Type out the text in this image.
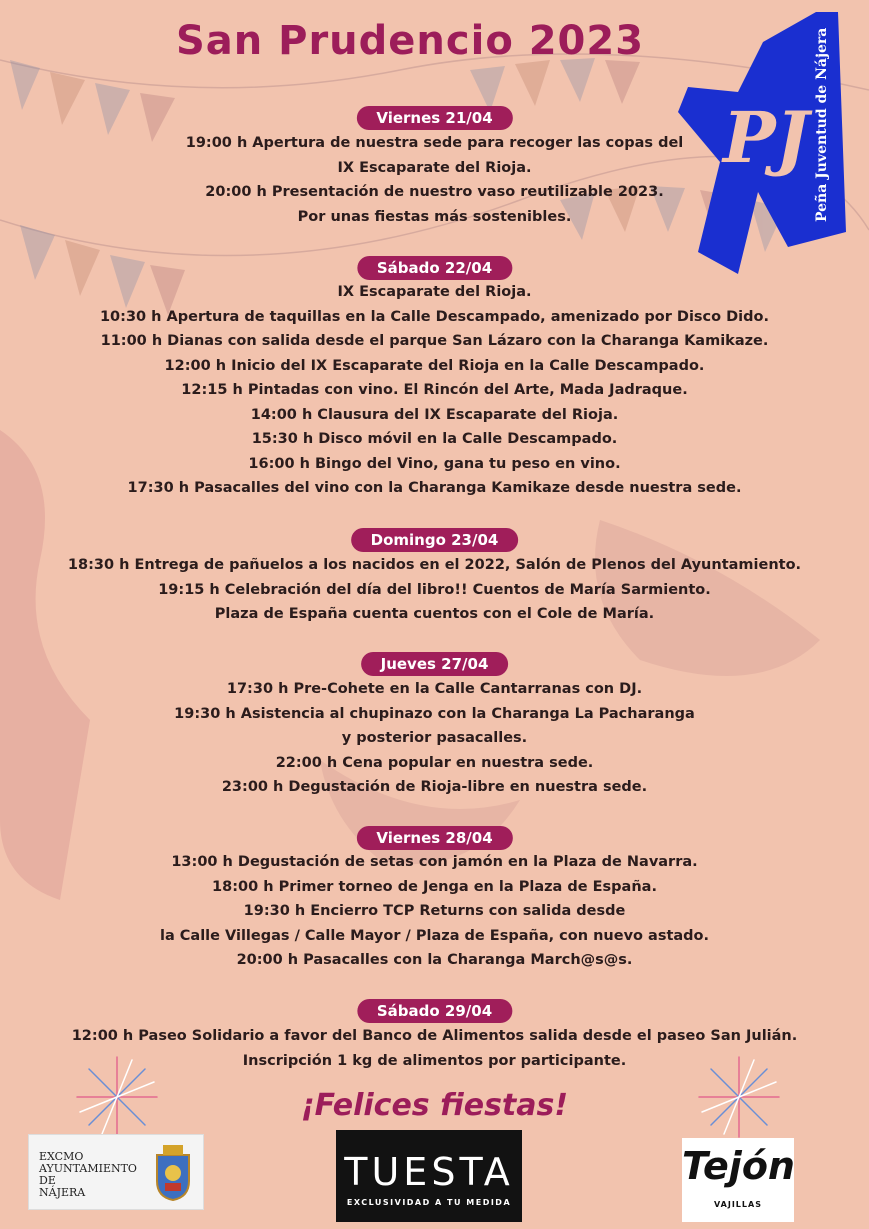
San Prudencio 2023
PJ Peña Juventud de Nájera
Viernes 21/04
19:00 h Apertura de nuestra sede para recoger las copas del
IX Escaparate del Rioja.
20:00 h Presentación de nuestro vaso reutilizable 2023.
Por unas fiestas más sostenibles.
Sábado 22/04
IX Escaparate del Rioja.
10:30 h Apertura de taquillas en la Calle Descampado, amenizado por Disco Dido.
11:00 h Dianas con salida desde el parque San Lázaro con la Charanga Kamikaze.
12:00 h Inicio del IX Escaparate del Rioja en la Calle Descampado.
12:15 h Pintadas con vino. El Rincón del Arte, Mada Jadraque.
14:00 h Clausura del IX Escaparate del Rioja.
15:30 h Disco móvil en la Calle Descampado.
16:00 h Bingo del Vino, gana tu peso en vino.
17:30 h Pasacalles del vino con la Charanga Kamikaze desde nuestra sede.
Domingo 23/04
18:30 h Entrega de pañuelos a los nacidos en el 2022, Salón de Plenos del Ayuntamiento.
19:15 h Celebración del día del libro!! Cuentos de María Sarmiento.
Plaza de España cuenta cuentos con el Cole de María.
Jueves 27/04
17:30 h Pre-Cohete en la Calle Cantarranas con DJ.
19:30 h Asistencia al chupinazo con la Charanga La Pacharanga
y posterior pasacalles.
22:00 h Cena popular en nuestra sede.
23:00 h Degustación de Rioja-libre en nuestra sede.
Viernes 28/04
13:00 h Degustación de setas con jamón en la Plaza de Navarra.
18:00 h Primer torneo de Jenga en la Plaza de España.
19:30 h Encierro TCP Returns con salida desde
la Calle Villegas / Calle Mayor / Plaza de España, con nuevo astado.
20:00 h Pasacalles con la Charanga March@s@s.
Sábado 29/04
12:00 h Paseo Solidario a favor del Banco de Alimentos salida desde el paseo San Julián.
Inscripción 1 kg de alimentos por participante.
¡Felices fiestas!
EXCMO
AYUNTAMIENTO
DE
NÁJERA	TUESTA
EXCLUSIVIDAD A TU MEDIDA
Tejón
VAJILLAS
